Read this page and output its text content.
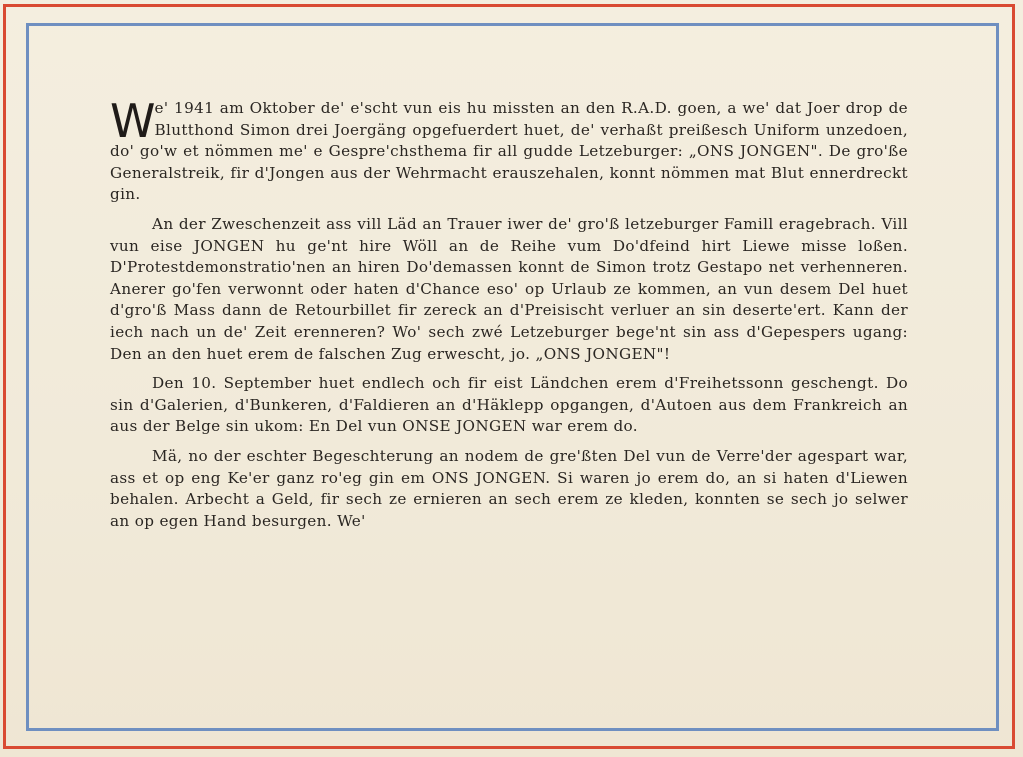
We' 1941 am Oktober de' e'scht vun eis hu missten an den R.A.D. goen, a we' dat Joer drop de Blutthond Simon drei Joergäng opgefuerdert huet, de' verhaßt preißesch Uniform unzedoen, do' go'w et nömmen me' e Gespre'chsthema fir all gudde Letzeburger: „ONS JONGEN". De gro'ße Generalstreik, fir d'Jongen aus der Wehrmacht erauszehalen, konnt nömmen mat Blut ennerdreckt gin.

An der Zweschenzeit ass vill Läd an Trauer iwer de' gro'ß letzeburger Famill eragebrach. Vill vun eise JONGEN hu ge'nt hire Wöll an de Reihe vum Do'dfeind hirt Liewe misse loßen. D'Protestdemonstratio'nen an hiren Do'demassen konnt de Simon trotz Gestapo net verhenneren. Anerer go'fen verwonnt oder haten d'Chance eso' op Urlaub ze kommen, an vun desem Del huet d'gro'ß Mass dann de Retourbillet fir zereck an d'Preisischt verluer an sin deserte'ert. Kann der iech nach un de' Zeit erenneren? Wo' sech zwé Letzeburger bege'nt sin ass d'Gepespers ugang: Den an den huet erem de falschen Zug erwescht, jo. „ONS JONGEN"!

Den 10. September huet endlech och fir eist Ländchen erem d'Freihetssonn geschengt. Do sin d'Galerien, d'Bunkeren, d'Faldieren an d'Häklepp opgangen, d'Autoen aus dem Frankreich an aus der Belge sin ukom: En Del vun ONSE JONGEN war erem do.

Mä, no der eschter Begeschterung an nodem de gre'ßten Del vun de Verre'der agespart war, ass et op eng Ke'er ganz ro'eg gin em ONS JONGEN. Si waren jo erem do, an si haten d'Liewen behalen. Arbecht a Geld, fir sech ze ernieren an sech erem ze kleden, konnten se sech jo selwer an op egen Hand besurgen. We'
